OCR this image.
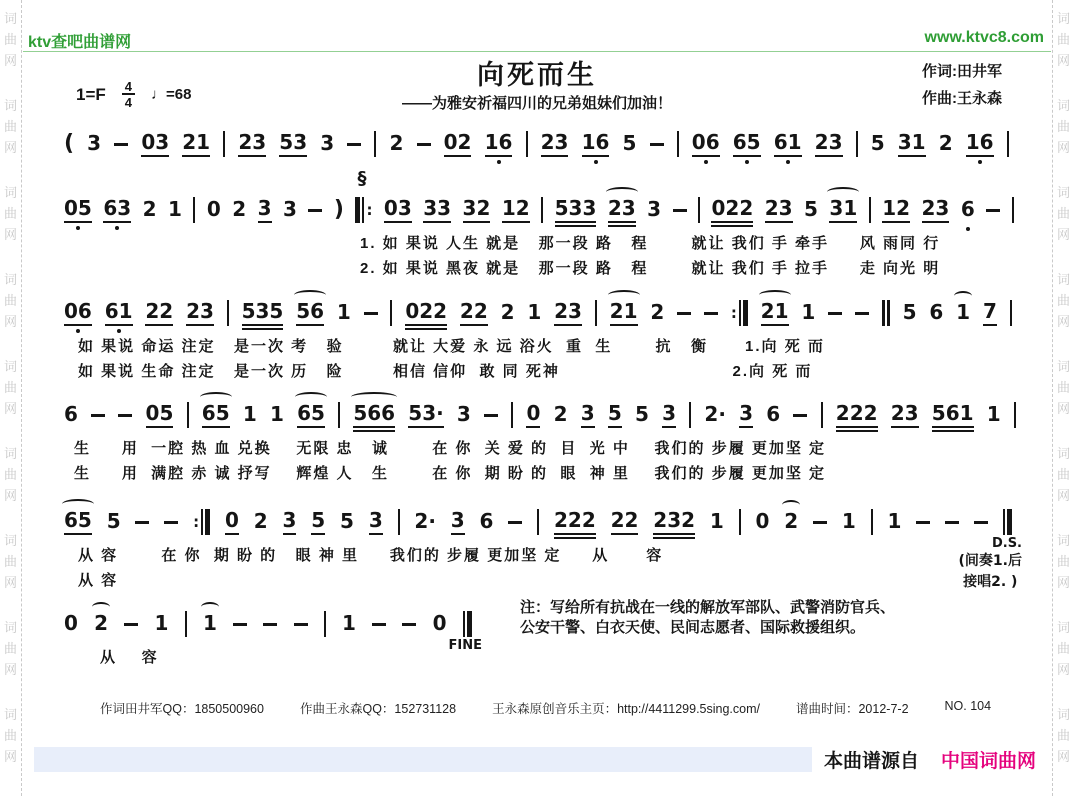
词
曲
网
词
曲
网
词
曲
网
词
曲
网
词
曲
网
词
曲
网
词
曲
网
词
曲
网
词
曲
网
词
曲
网
词
曲
网
词
曲
网
词
曲
网
词
曲
网
词
曲
网
词
曲
网
词
曲
网
词
曲
网
ktv查吧曲谱网	www.ktvc8.com
向死而生
——为雅安祈福四川的兄弟姐妹们加油！
作词:田井军
作曲:王永森
$1=F \frac{4}{4}$ ♩=68
( 3 03 21 23 53 3	2 02 16 23 16 5	06 65 61 23 5 31 2 16
05 63 2 1 0 2 3 3 ) :
§
03 33 32 12 533 23 3	022 23 5 31 12 23 6
1. 如 果说 人生 就是   那一段 路   程       就让 我们 手 牵手     风 雨同 行
2. 如 果说 黑夜 就是   那一段 路   程       就让 我们 手 拉手     走 向光 明
06 61 22 23 535 56 1	022 22 2 1 23 21 2	: 21 1	5 6 1 7
如 果说 命运 注定   是一次 考   验        就让 大爱 永 远 浴火  重  生       抗   衡      1.向 死 而
如 果说 生命 注定   是一次 历   险        相信 信仰  敢 同 死神                            2.向 死 而
6	05 65 1 1 65 566 53· 3	0 2 3 5 5 3 2· 3 6	222 23 561 1
生     用  一腔 热 血 兑换    无限 忠   诚       在 你  关 爱 的  目  光 中    我们的 步履 更加坚 定
生     用  满腔 赤 诚 抒写    辉煌 人   生       在 你  期 盼 的  眼  神 里    我们的 步履 更加坚 定
65 5	: 0 2 3 5 5 3 2· 3 6	222 22 232 1 0 2 1 1
D.S.
(间奏1.后
接唱2. )
从 容       在 你  期 盼 的   眼 神 里     我们的 步履 更加坚 定     从      容
从 容
0 2 1 1	1	0
FINE
从    容
注：写给所有抗战在一线的解放军部队、武警消防官兵、
公安干警、白衣天使、民间志愿者、国际救援组织。
作词田井军QQ：1850500960	作曲王永森QQ：152731128	王永森原创音乐主页：http://4411299.5sing.com/	谱曲时间：2012-7-2	NO. 104
本曲谱源自 中国词曲网
